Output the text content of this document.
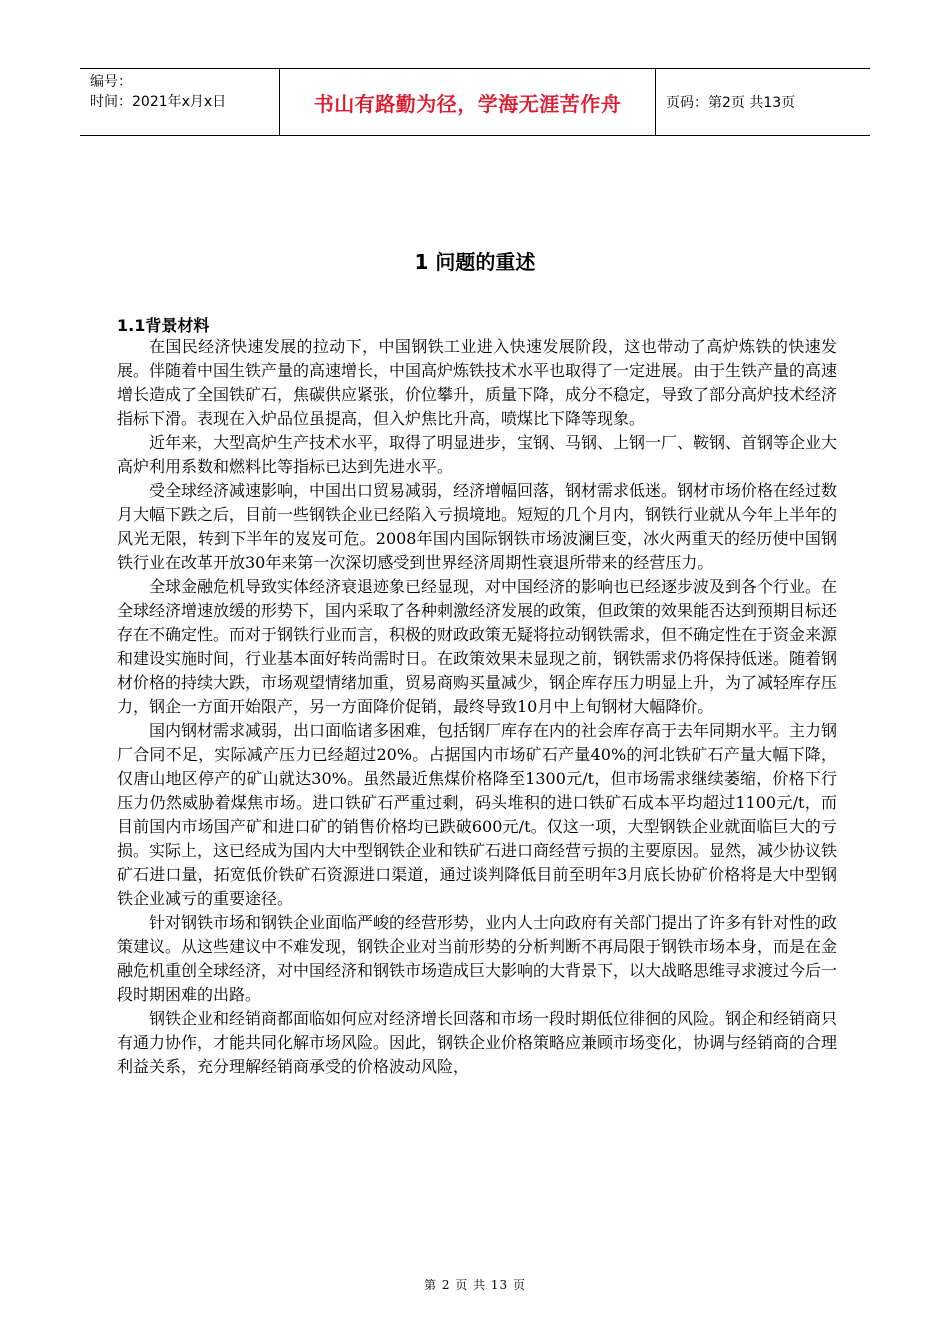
编号：
时间：2021年x月x日	书山有路勤为径，学海无涯苦作舟	页码：第2页 共13页
1 问题的重述
1.1背景材料

在国民经济快速发展的拉动下，中国钢铁工业进入快速发展阶段，这也带动了高炉炼铁的快速发展。伴随着中国生铁产量的高速增长，中国高炉炼铁技术水平也取得了一定进展。由于生铁产量的高速增长造成了全国铁矿石，焦碳供应紧张，价位攀升，质量下降，成分不稳定，导致了部分高炉技术经济指标下滑。表现在入炉品位虽提高，但入炉焦比升高，喷煤比下降等现象。

近年来，大型高炉生产技术水平，取得了明显进步，宝钢、马钢、上钢一厂、鞍钢、首钢等企业大高炉利用系数和燃料比等指标已达到先进水平。

受全球经济减速影响，中国出口贸易减弱，经济增幅回落，钢材需求低迷。钢材市场价格在经过数月大幅下跌之后，目前一些钢铁企业已经陷入亏损境地。短短的几个月内，钢铁行业就从今年上半年的风光无限，转到下半年的岌岌可危。2008年国内国际钢铁市场波澜巨变，冰火两重天的经历使中国钢铁行业在改革开放30年来第一次深切感受到世界经济周期性衰退所带来的经营压力。

全球金融危机导致实体经济衰退迹象已经显现，对中国经济的影响也已经逐步波及到各个行业。在全球经济增速放缓的形势下，国内采取了各种刺激经济发展的政策，但政策的效果能否达到预期目标还存在不确定性。而对于钢铁行业而言，积极的财政政策无疑将拉动钢铁需求，但不确定性在于资金来源和建设实施时间，行业基本面好转尚需时日。在政策效果未显现之前，钢铁需求仍将保持低迷。随着钢材价格的持续大跌，市场观望情绪加重，贸易商购买量减少，钢企库存压力明显上升，为了减轻库存压力，钢企一方面开始限产，另一方面降价促销，最终导致10月中上旬钢材大幅降价。

国内钢材需求减弱，出口面临诸多困难，包括钢厂库存在内的社会库存高于去年同期水平。主力钢厂合同不足，实际减产压力已经超过20%。占据国内市场矿石产量40%的河北铁矿石产量大幅下降，仅唐山地区停产的矿山就达30%。虽然最近焦煤价格降至1300元/t，但市场需求继续萎缩，价格下行压力仍然威胁着煤焦市场。进口铁矿石严重过剩，码头堆积的进口铁矿石成本平均超过1100元/t，而目前国内市场国产矿和进口矿的销售价格均已跌破600元/t。仅这一项，大型钢铁企业就面临巨大的亏损。实际上，这已经成为国内大中型钢铁企业和铁矿石进口商经营亏损的主要原因。显然，减少协议铁矿石进口量，拓宽低价铁矿石资源进口渠道，通过谈判降低目前至明年3月底长协矿价格将是大中型钢铁企业减亏的重要途径。

针对钢铁市场和钢铁企业面临严峻的经营形势，业内人士向政府有关部门提出了许多有针对性的政策建议。从这些建议中不难发现，钢铁企业对当前形势的分析判断不再局限于钢铁市场本身，而是在金融危机重创全球经济，对中国经济和钢铁市场造成巨大影响的大背景下，以大战略思维寻求渡过今后一段时期困难的出路。

钢铁企业和经销商都面临如何应对经济增长回落和市场一段时期低位徘徊的风险。钢企和经销商只有通力协作，才能共同化解市场风险。因此，钢铁企业价格策略应兼顾市场变化，协调与经销商的合理利益关系，充分理解经销商承受的价格波动风险，

第 2 页 共 13 页
